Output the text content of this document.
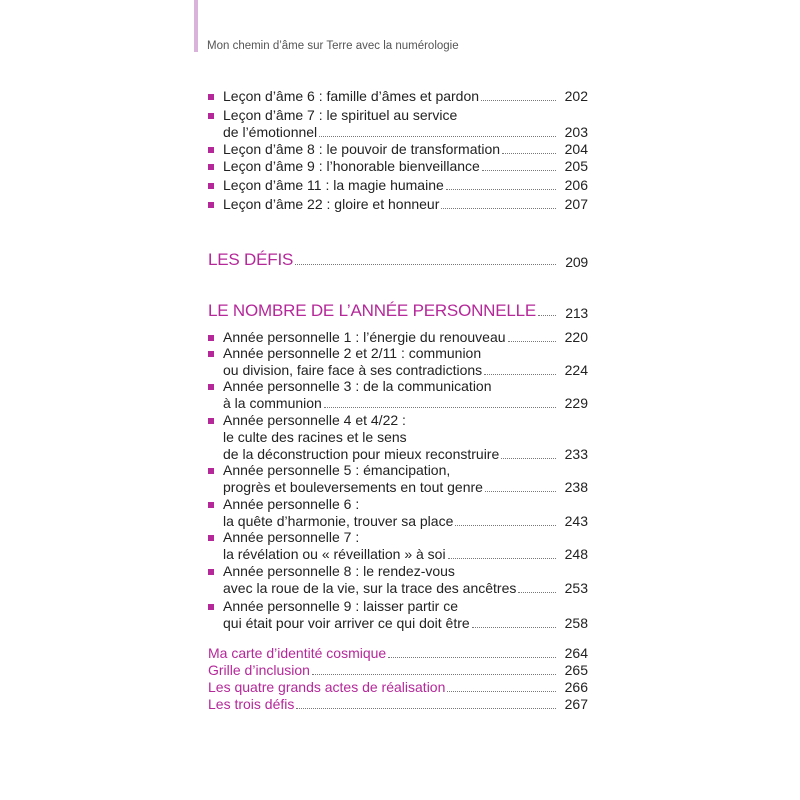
Mon chemin d’âme sur Terre avec la numérologie
Leçon d’âme 6 : famille d’âmes et pardon	202
Leçon d’âme 7 : le spirituel au service
de l’émotionnel	203
Leçon d’âme 8 : le pouvoir de transformation	204
Leçon d’âme 9 : l’honorable bienveillance	205
Leçon d’âme 11 : la magie humaine	206
Leçon d’âme 22 : gloire et honneur	207
LES DÉFIS	209
LE NOMBRE DE L’ANNÉE PERSONNELLE	213
Année personnelle 1 : l’énergie du renouveau	220
Année personnelle 2 et 2/11 : communion
ou division, faire face à ses contradictions	224
Année personnelle 3 : de la communication
à la communion	229
Année personnelle 4 et 4/22 :
le culte des racines et le sens
de la déconstruction pour mieux reconstruire	233
Année personnelle 5 : émancipation,
progrès et bouleversements en tout genre	238
Année personnelle 6 :
la quête d’harmonie, trouver sa place	243
Année personnelle 7 :
la révélation ou « réveillation » à soi	248
Année personnelle 8 : le rendez-vous
avec la roue de la vie, sur la trace des ancêtres	253
Année personnelle 9 : laisser partir ce
qui était pour voir arriver ce qui doit être	258
Ma carte d’identité cosmique	264
Grille d’inclusion	265
Les quatre grands actes de réalisation	266
Les trois défis	267
